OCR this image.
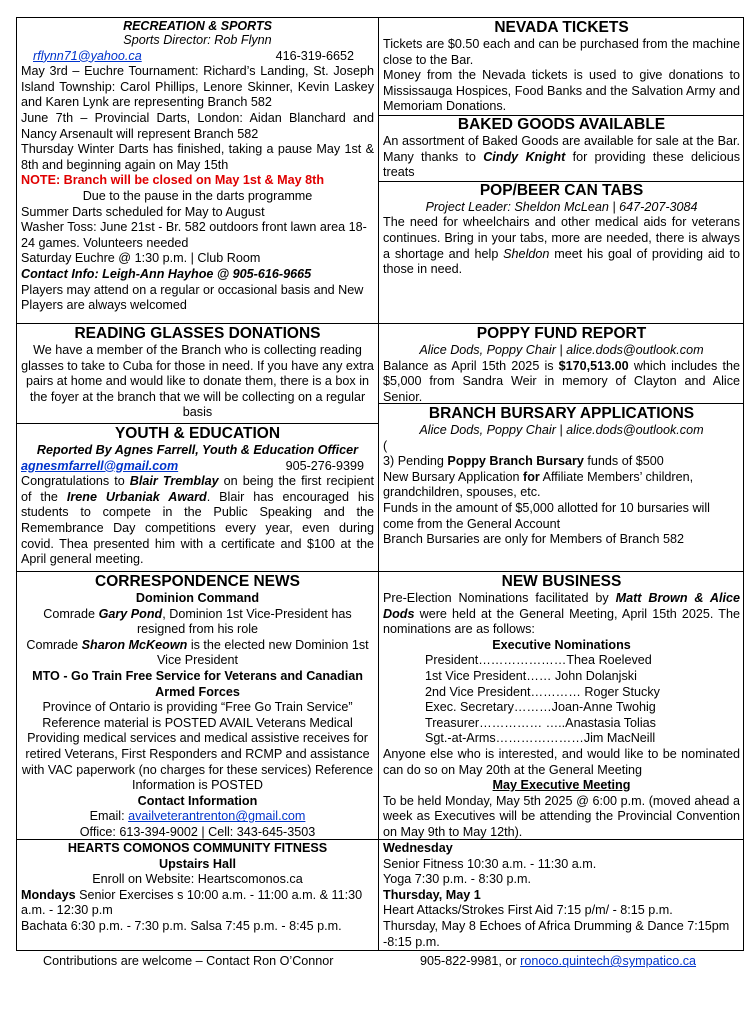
RECREATION & SPORTS
Sports Director: Rob Flynn
rflynn71@yahoo.ca	416-319-6652

May 3rd – Euchre Tournament: Richard’s Landing, St. Joseph Island Township: Carol Phillips, Lenore Skinner, Kevin Laskey and Karen Lynk are representing Branch 582

June 7th – Provincial Darts, London: Aidan Blanchard and Nancy Arsenault will represent Branch 582

Thursday Winter Darts has finished, taking a pause May 1st & 8th and beginning again on May 15th

NOTE: Branch will be closed on May 1st & May 8th

Due to the pause in the darts programme

Summer Darts scheduled for May to August

Washer Toss: June 21st - Br. 582 outdoors front lawn area 18-24 games. Volunteers needed

Saturday Euchre @ 1:30 p.m. | Club Room

Contact Info: Leigh-Ann Hayhoe @ 905-616-9665

Players may attend on a regular or occasional basis and New Players are always welcomed

NEVADA TICKETS

Tickets are $0.50 each and can be purchased from the machine close to the Bar.

Money from the Nevada tickets is used to give donations to Mississauga Hospices, Food Banks and the Salvation Army and Memoriam Donations.

BAKED GOODS AVAILABLE

An assortment of Baked Goods are available for sale at the Bar. Many thanks to Cindy Knight for providing these delicious treats

POP/BEER CAN TABS

Project Leader: Sheldon McLean | 647-207-3084

The need for wheelchairs and other medical aids for veterans continues. Bring in your tabs, more are needed, there is always a shortage and help Sheldon meet his goal of providing aid to those in need.

READING GLASSES DONATIONS

We have a member of the Branch who is collecting reading glasses to take to Cuba for those in need. If you have any extra pairs at home and would like to donate them, there is a box in the foyer at the branch that we will be collecting on a regular basis

POPPY FUND REPORT

Alice Dods, Poppy Chair | alice.dods@outlook.com

Balance as April 15th 2025 is $170,513.00 which includes the $5,000 from Sandra Weir in memory of Clayton and Alice Senior.

YOUTH & EDUCATION

Reported By Agnes Farrell, Youth & Education Officer

agnesmfarrell@gmail.com	905-276-9399

Congratulations to Blair Tremblay on being the first recipient of the Irene Urbaniak Award. Blair has encouraged his students to compete in the Public Speaking and the Remembrance Day competitions every year, even during covid. Thea presented him with a certificate and $100 at the April general meeting.

BRANCH BURSARY APPLICATIONS

Alice Dods, Poppy Chair | alice.dods@outlook.com

(

3) Pending Poppy Branch Bursary funds of $500

New Bursary Application for Affiliate Members’ children, grandchildren, spouses, etc.

Funds in the amount of $5,000 allotted for 10 bursaries will come from the General Account

Branch Bursaries are only for Members of Branch 582

CORRESPONDENCE NEWS

Dominion Command

Comrade Gary Pond, Dominion 1st Vice-President has resigned from his role

Comrade Sharon McKeown is the elected new Dominion 1st Vice President

MTO - Go Train Free Service for Veterans and Canadian Armed Forces

Province of Ontario is providing “Free Go Train Service”

Reference material is POSTED AVAIL Veterans Medical

Providing medical services and medical assistive receives for retired Veterans, First Responders and RCMP and assistance with VAC paperwork (no charges for these services) Reference Information is POSTED

Contact Information

Email: availveterantrenton@gmail.com

Office: 613-394-9002 | Cell: 343-645-3503

NEW BUSINESS

Pre-Election Nominations facilitated by Matt Brown & Alice Dods were held at the General Meeting, April 15th 2025. The nominations are as follows:

Executive Nominations

President…………………Thea Roeleved

1st Vice President…… John Dolanjski

2nd Vice President………… Roger Stucky

Exec. Secretary………Joan-Anne Twohig

Treasurer…………… …..Anastasia Tolias

Sgt.-at-Arms…………………Jim MacNeill

Anyone else who is interested, and would like to be nominated can do so on May 20th at the General Meeting

May Executive Meeting

To be held Monday, May 5th 2025 @ 6:00 p.m. (moved ahead a week as Executives will be attending the Provincial Convention on May 9th to May 12th).

HEARTS COMONOS COMMUNITY FITNESS

Upstairs Hall

Enroll on Website: Heartscomonos.ca

Mondays Senior Exercises s 10:00 a.m. - 11:00 a.m. & 11:30 a.m. - 12:30 p.m

Bachata 6:30 p.m. - 7:30 p.m. Salsa 7:45 p.m. - 8:45 p.m.

Wednesday

Senior Fitness 10:30 a.m. - 11:30 a.m.

Yoga 7:30 p.m. - 8:30 p.m.

Thursday, May 1

Heart Attacks/Strokes First Aid 7:15 p/m/ - 8:15 p.m.

Thursday, May 8 Echoes of Africa Drumming & Dance 7:15pm -8:15 p.m.

Contributions are welcome – Contact Ron O’Connor	905-822-9981, or ronoco.quintech@sympatico.ca
